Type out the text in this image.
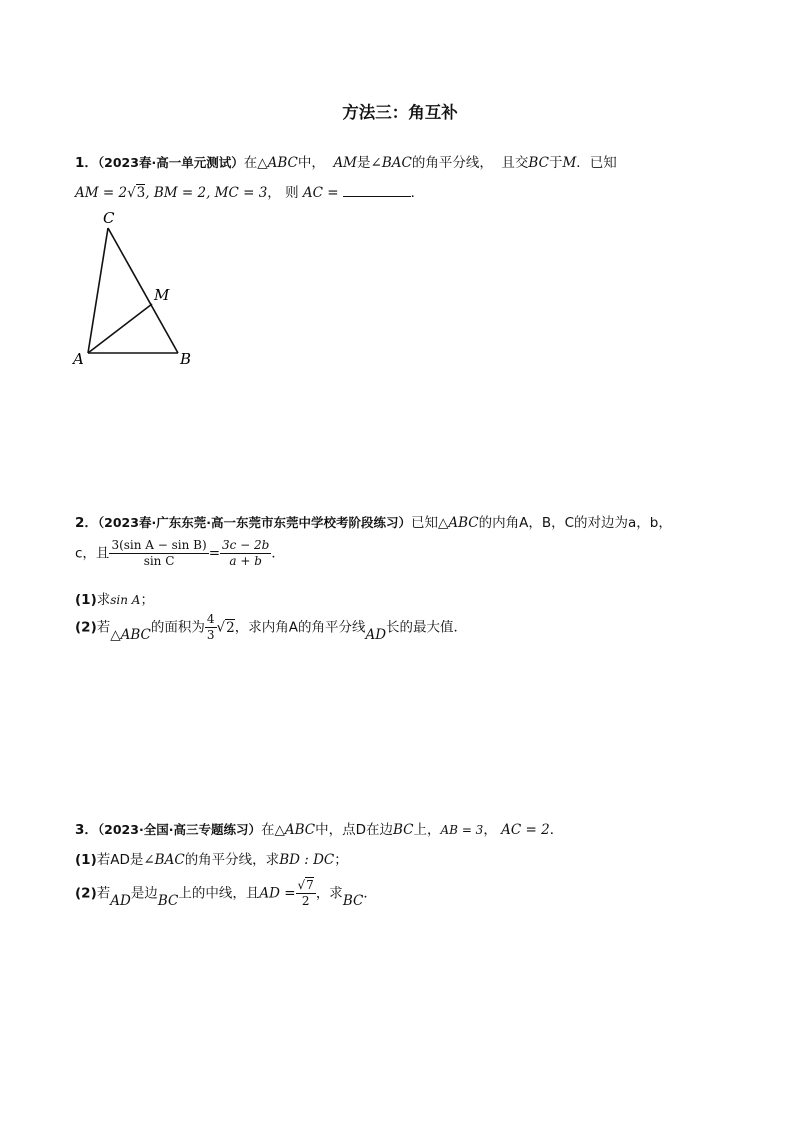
方法三：角互补
1．（2023春·高一单元测试）在△ABC中， AM是∠BAC的角平分线， 且交BC于M．已知
AM = 2√3, BM = 2, MC = 3， 则 AC =	．
C
M
A	B
2．（2023春·广东东莞·高一东莞市东莞中学校考阶段练习）已知△ABC的内角A，B，C的对边为a，b，
c，且 $\frac{\text{3(sin A − sin B)}}{\text{sin C}} = \frac{3c - 2b}{a + b}$ ．
(1)求sin A；
(2)若△ABC的面积为 $\frac{4}{3} √2$，求内角A的角平分线AD长的最大值．
3．（2023·全国·高三专题练习）在△ABC中，点D在边BC上，AB = 3， AC = 2．
(1)若AD是∠BAC的角平分线，求BD : DC；
(2)若AD是边BC上的中线，且AD = $\frac{√7}{2}$ ，求BC．
